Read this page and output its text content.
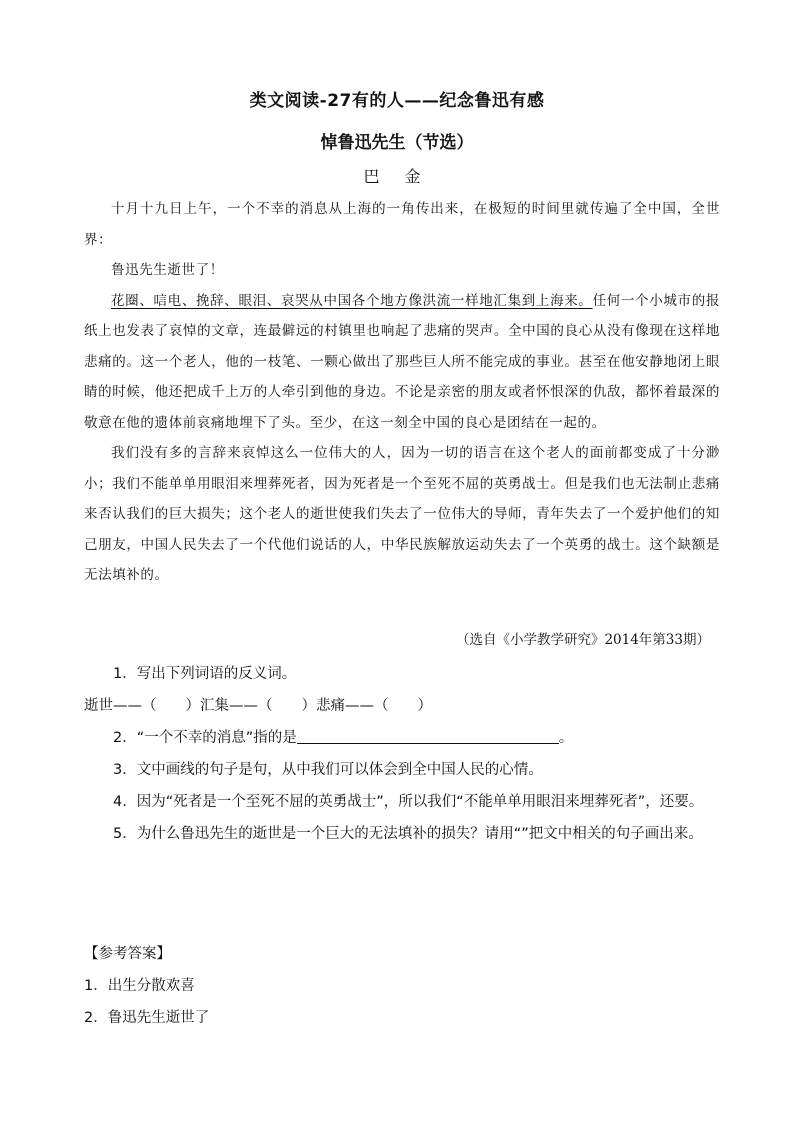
类文阅读-27有的人——纪念鲁迅有感
悼鲁迅先生（节选）
巴 金

十月十九日上午，一个不幸的消息从上海的一角传出来，在极短的时间里就传遍了全中国，全世界：

鲁迅先生逝世了！

花圈、唁电、挽辞、眼泪、哀哭从中国各个地方像洪流一样地汇集到上海来。任何一个小城市的报纸上也发表了哀悼的文章，连最僻远的村镇里也响起了悲痛的哭声。全中国的良心从没有像现在这样地悲痛的。这一个老人，他的一枝笔、一颗心做出了那些巨人所不能完成的事业。甚至在他安静地闭上眼睛的时候，他还把成千上万的人牵引到他的身边。不论是亲密的朋友或者怀恨深的仇敌，都怀着最深的敬意在他的遗体前哀痛地埋下了头。至少，在这一刻全中国的良心是团结在一起的。

我们没有多的言辞来哀悼这么一位伟大的人，因为一切的语言在这个老人的面前都变成了十分渺小；我们不能单单用眼泪来埋葬死者，因为死者是一个至死不屈的英勇战士。但是我们也无法制止悲痛来否认我们的巨大损失；这个老人的逝世使我们失去了一位伟大的导师，青年失去了一个爱护他们的知己朋友，中国人民失去了一个代他们说话的人，中华民族解放运动失去了一个英勇的战士。这个缺额是无法填补的。

（选自《小学教学研究》2014年第33期）

1．写出下列词语的反义词。

逝世——（　　）汇集——（　　）悲痛——（　　）

2．“一个不幸的消息”指的是	。

3．文中画线的句子是句，从中我们可以体会到全中国人民的心情。

4．因为“死者是一个至死不屈的英勇战士”，所以我们“不能单单用眼泪来埋葬死者”，还要。

5．为什么鲁迅先生的逝世是一个巨大的无法填补的损失？请用“”把文中相关的句子画出来。

【参考答案】

1．出生分散欢喜

2．鲁迅先生逝世了
